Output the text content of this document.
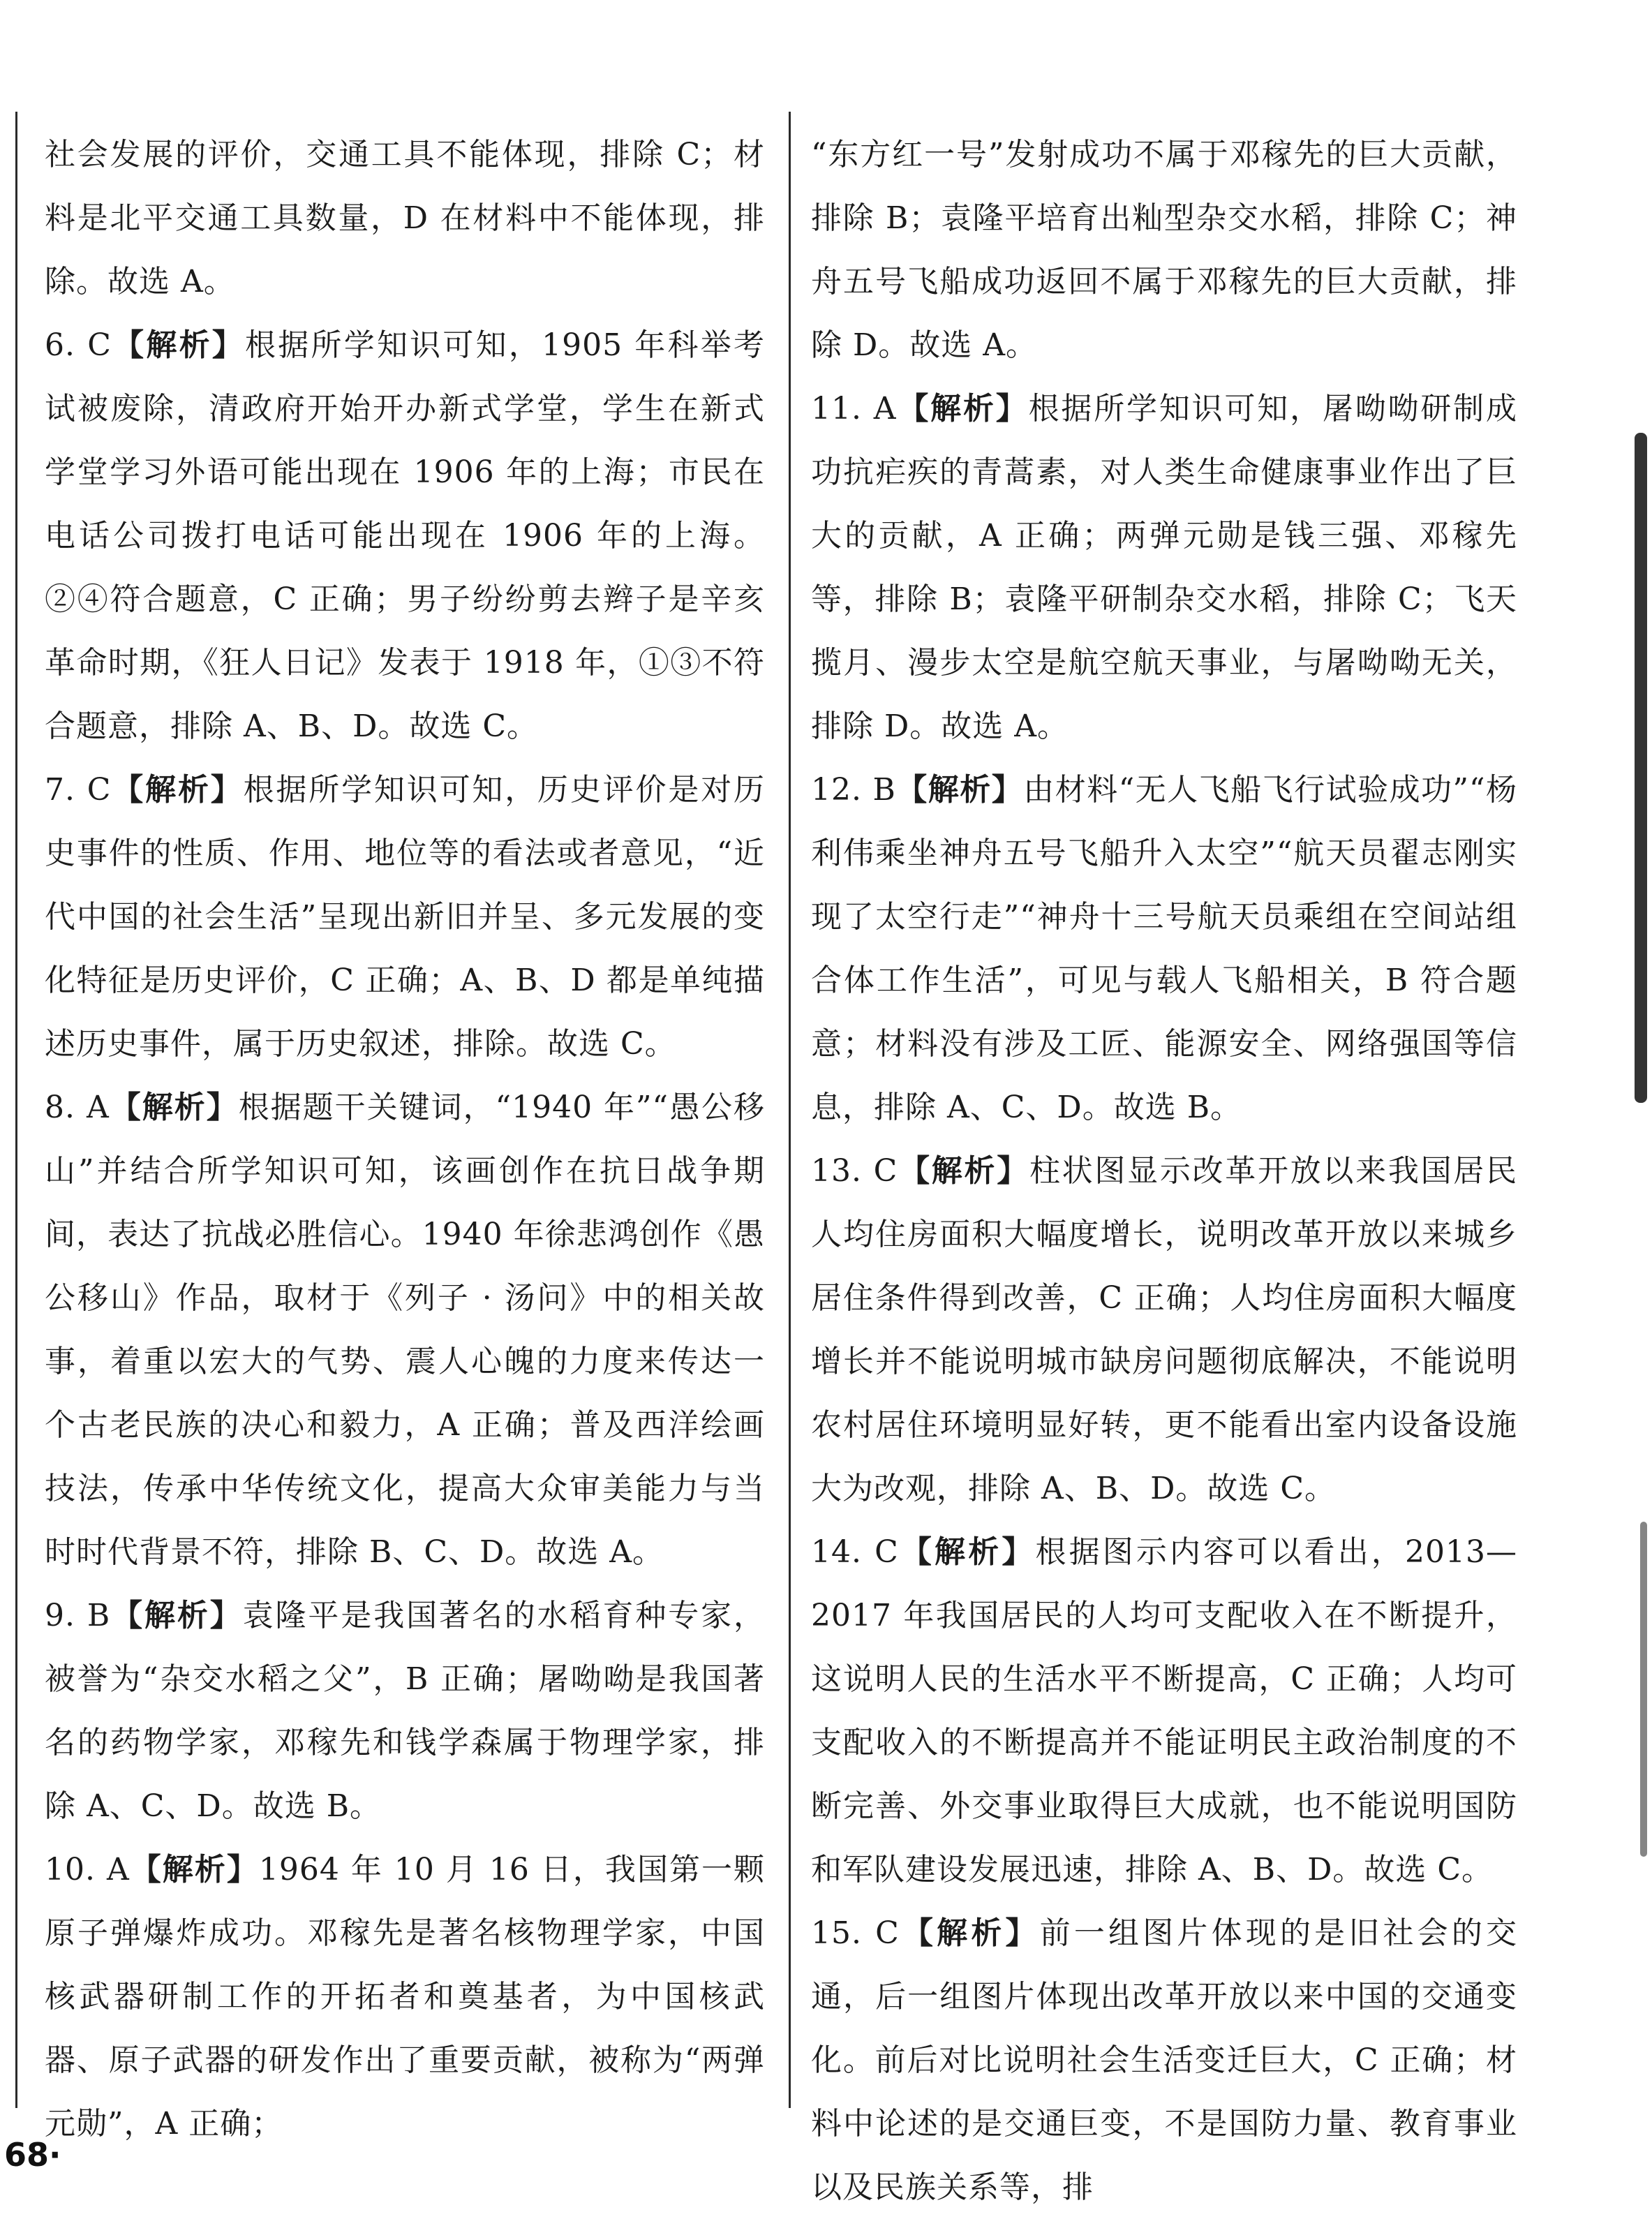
社会发展的评价，交通工具不能体现，排除 C；材料是北平交通工具数量，D 在材料中不能体现，排除。故选 A。

6. C【解析】根据所学知识可知，1905 年科举考试被废除，清政府开始开办新式学堂，学生在新式学堂学习外语可能出现在 1906 年的上海；市民在电话公司拨打电话可能出现在 1906 年的上海。②④符合题意，C 正确；男子纷纷剪去辫子是辛亥革命时期，《狂人日记》发表于 1918 年，①③不符合题意，排除 A、B、D。故选 C。

7. C【解析】根据所学知识可知，历史评价是对历史事件的性质、作用、地位等的看法或者意见，“近代中国的社会生活”呈现出新旧并呈、多元发展的变化特征是历史评价，C 正确；A、B、D 都是单纯描述历史事件，属于历史叙述，排除。故选 C。

8. A【解析】根据题干关键词，“1940 年”“愚公移山”并结合所学知识可知，该画创作在抗日战争期间，表达了抗战必胜信心。1940 年徐悲鸿创作《愚公移山》作品，取材于《列子 · 汤问》中的相关故事，着重以宏大的气势、震人心魄的力度来传达一个古老民族的决心和毅力，A 正确；普及西洋绘画技法，传承中华传统文化，提高大众审美能力与当时时代背景不符，排除 B、C、D。故选 A。

9. B【解析】袁隆平是我国著名的水稻育种专家，被誉为“杂交水稻之父”，B 正确；屠呦呦是我国著名的药物学家，邓稼先和钱学森属于物理学家，排除 A、C、D。故选 B。

10. A【解析】1964 年 10 月 16 日，我国第一颗原子弹爆炸成功。邓稼先是著名核物理学家，中国核武器研制工作的开拓者和奠基者，为中国核武器、原子武器的研发作出了重要贡献，被称为“两弹元勋”，A 正确；

“东方红一号”发射成功不属于邓稼先的巨大贡献，排除 B；袁隆平培育出籼型杂交水稻，排除 C；神舟五号飞船成功返回不属于邓稼先的巨大贡献，排除 D。故选 A。

11. A【解析】根据所学知识可知，屠呦呦研制成功抗疟疾的青蒿素，对人类生命健康事业作出了巨大的贡献，A 正确；两弹元勋是钱三强、邓稼先等，排除 B；袁隆平研制杂交水稻，排除 C；飞天揽月、漫步太空是航空航天事业，与屠呦呦无关，排除 D。故选 A。

12. B【解析】由材料“无人飞船飞行试验成功”“杨利伟乘坐神舟五号飞船升入太空”“航天员翟志刚实现了太空行走”“神舟十三号航天员乘组在空间站组合体工作生活”，可见与载人飞船相关，B 符合题意；材料没有涉及工匠、能源安全、网络强国等信息，排除 A、C、D。故选 B。

13. C【解析】柱状图显示改革开放以来我国居民人均住房面积大幅度增长，说明改革开放以来城乡居住条件得到改善，C 正确；人均住房面积大幅度增长并不能说明城市缺房问题彻底解决，不能说明农村居住环境明显好转，更不能看出室内设备设施大为改观，排除 A、B、D。故选 C。

14. C【解析】根据图示内容可以看出，2013—2017 年我国居民的人均可支配收入在不断提升，这说明人民的生活水平不断提高，C 正确；人均可支配收入的不断提高并不能证明民主政治制度的不断完善、外交事业取得巨大成就，也不能说明国防和军队建设发展迅速，排除 A、B、D。故选 C。

15. C【解析】前一组图片体现的是旧社会的交通，后一组图片体现出改革开放以来中国的交通变化。前后对比说明社会生活变迁巨大，C 正确；材料中论述的是交通巨变，不是国防力量、教育事业以及民族关系等，排

68·
